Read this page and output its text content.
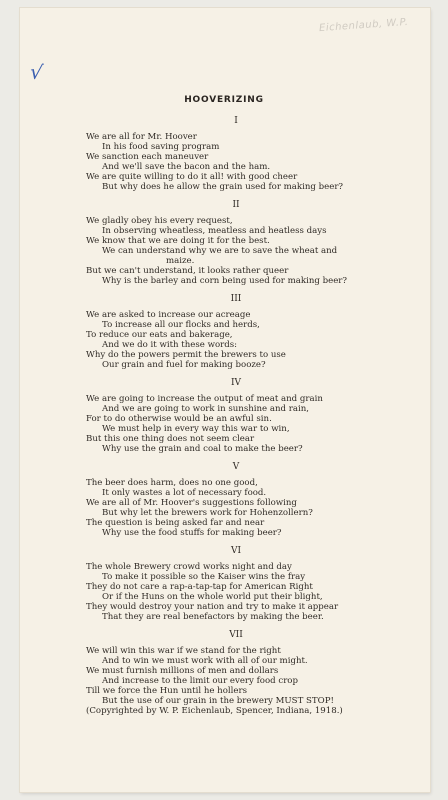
√
Eichenlaub, W.P.
HOOVERIZING
I
We are all for Mr. Hoover
In his food saving program
We sanction each maneuver
And we'll save the bacon and the ham.
We are quite willing to do it all! with good cheer
But why does he allow the grain used for making beer?
II
We gladly obey his every request,
In observing wheatless, meatless and heatless days
We know that we are doing it for the best.
We can understand why we are to save the wheat and
maize.
But we can't understand, it looks rather queer
Why is the barley and corn being used for making beer?
III
We are asked to increase our acreage
To increase all our flocks and herds,
To reduce our eats and bakerage,
And we do it with these words:
Why do the powers permit the brewers to use
Our grain and fuel for making booze?
IV
We are going to increase the output of meat and grain
And we are going to work in sunshine and rain,
For to do otherwise would be an awful sin.
We must help in every way this war to win,
But this one thing does not seem clear
Why use the grain and coal to make the beer?
V
The beer does harm, does no one good,
It only wastes a lot of necessary food.
We are all of Mr. Hoover's suggestions following
But why let the brewers work for Hohenzollern?
The question is being asked far and near
Why use the food stuffs for making beer?
VI
The whole Brewery crowd works night and day
To make it possible so the Kaiser wins the fray
They do not care a rap-a-tap-tap for American Right
Or if the Huns on the whole world put their blight,
They would destroy your nation and try to make it appear
That they are real benefactors by making the beer.
VII
We will win this war if we stand for the right
And to win we must work with all of our might.
We must furnish millions of men and dollars
And increase to the limit our every food crop
Till we force the Hun until he hollers
But the use of our grain in the brewery MUST STOP!
(Copyrighted by W. P. Eichenlaub, Spencer, Indiana, 1918.)
